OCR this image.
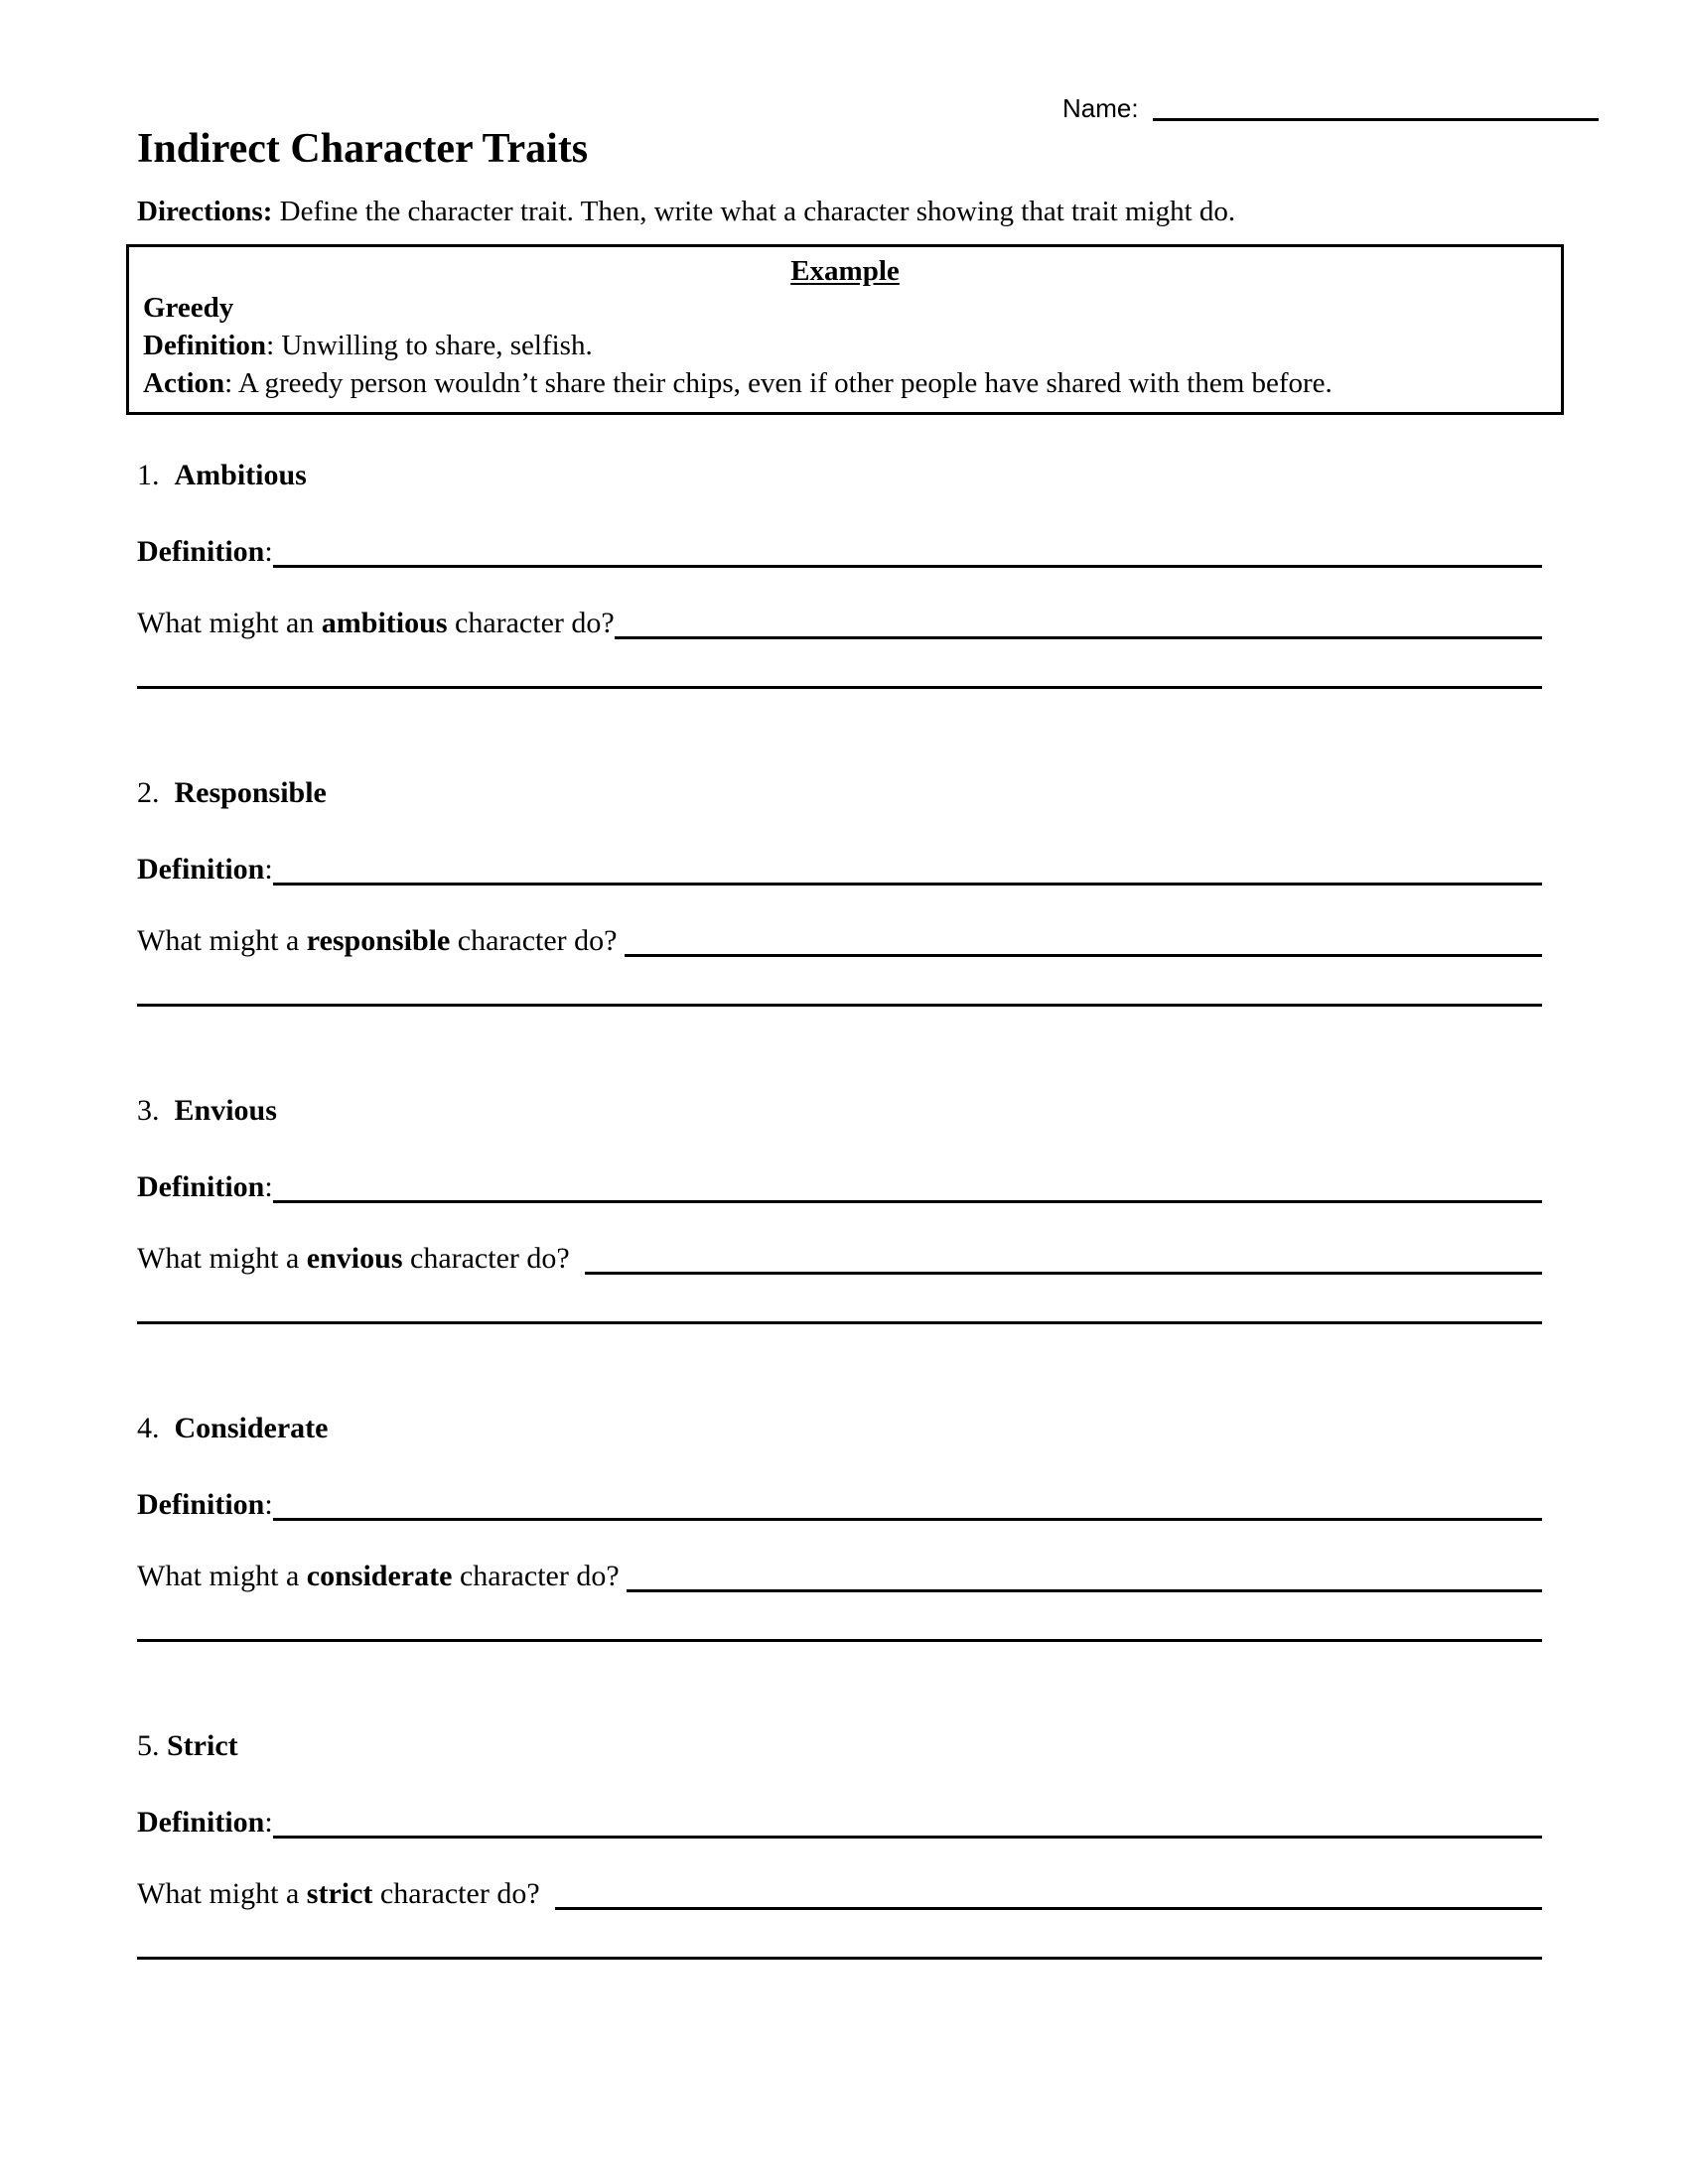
Name:
Indirect Character Traits
Directions: Define the character trait. Then, write what a character showing that trait might do.
Example
Greedy
Definition: Unwilling to share, selfish.
Action: A greedy person wouldn’t share their chips, even if other people have shared with them before.
1. Ambitious
Definition:
What might an ambitious character do?
2. Responsible
Definition:
What might a responsible character do?
3. Envious
Definition:
What might a envious character do?
4. Considerate
Definition:
What might a considerate character do?
5. Strict
Definition:
What might a strict character do?
